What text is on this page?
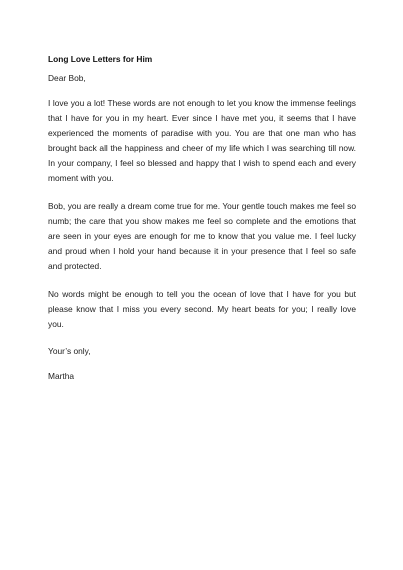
Long Love Letters for Him
Dear Bob,

I love you a lot! These words are not enough to let you know the immense feelings that I have for you in my heart. Ever since I have met you, it seems that I have experienced the moments of paradise with you. You are that one man who has brought back all the happiness and cheer of my life which I was searching till now. In your company, I feel so blessed and happy that I wish to spend each and every moment with you.

Bob, you are really a dream come true for me. Your gentle touch makes me feel so numb; the care that you show makes me feel so complete and the emotions that are seen in your eyes are enough for me to know that you value me. I feel lucky and proud when I hold your hand because it in your presence that I feel so safe and protected.

No words might be enough to tell you the ocean of love that I have for you but please know that I miss you every second. My heart beats for you; I really love you.

Your’s only,
Martha
